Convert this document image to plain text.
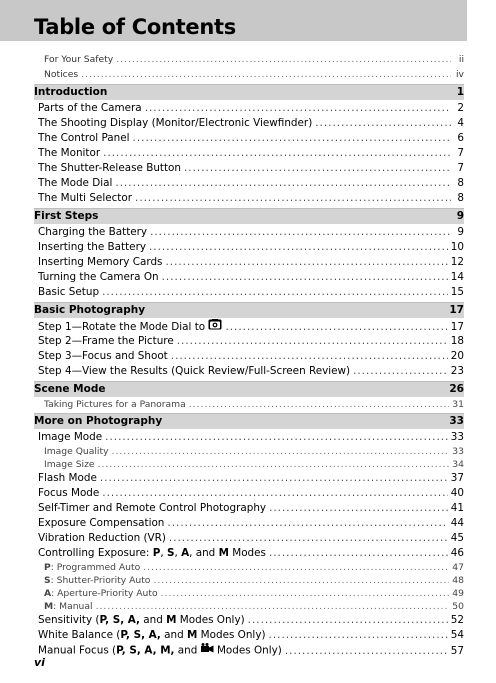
Table of Contents
For Your Safety .....	ii
Notices .....	iv
Introduction	1
Parts of the Camera .....	2
The Shooting Display (Monitor/Electronic Viewfinder) .....	4
The Control Panel .....	6
The Monitor .....	7
The Shutter-Release Button .....	7
The Mode Dial .....	8
The Multi Selector .....	8
First Steps	9
Charging the Battery .....	9
Inserting the Battery .....	10
Inserting Memory Cards .....	12
Turning the Camera On .....	14
Basic Setup .....	15
Basic Photography	17
Step 1—Rotate the Mode Dial to .....	17
Step 2—Frame the Picture .....	18
Step 3—Focus and Shoot .....	20
Step 4—View the Results (Quick Review/Full-Screen Review) .....	23
Scene Mode	26
Taking Pictures for a Panorama .....	31
More on Photography	33
Image Mode .....	33
Image Quality .....	33
Image Size .....	34
Flash Mode .....	37
Focus Mode .....	40
Self-Timer and Remote Control Photography .....	41
Exposure Compensation .....	44
Vibration Reduction (VR) .....	45
Controlling Exposure: P, S, A, and M Modes .....	46
P: Programmed Auto .....	47
S: Shutter-Priority Auto .....	48
A: Aperture-Priority Auto .....	49
M: Manual .....	50
Sensitivity (P, S, A, and M Modes Only) .....	52
White Balance (P, S, A, and M Modes Only) .....	54
Manual Focus (P, S, A, M, and  Modes Only) .....	57
vi
